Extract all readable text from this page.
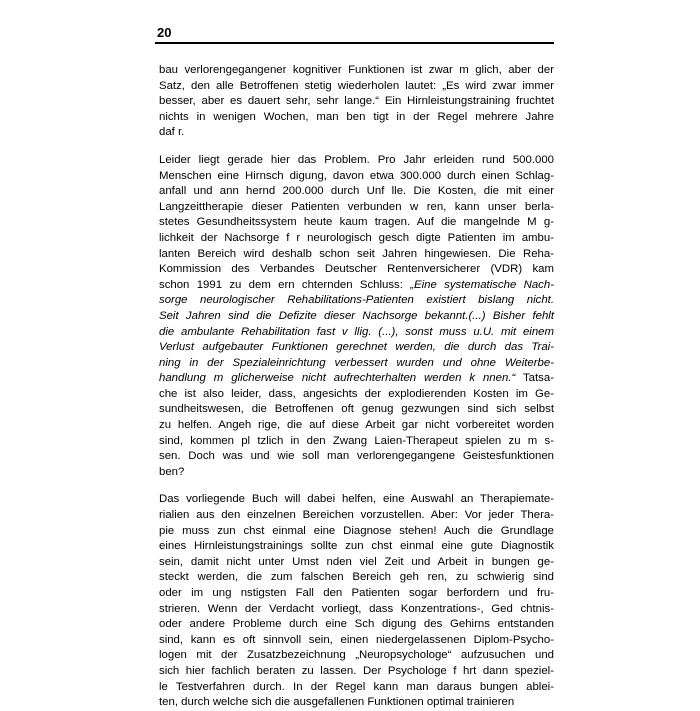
20
bau verlorengegangener kognitiver Funktionen ist zwar m glich, aber der
Satz, den alle Betroffenen stetig wiederholen lautet: „Es wird zwar immer
besser, aber es dauert sehr, sehr lange.“ Ein Hirnleistungstraining fruchtet
nichts in wenigen Wochen, man ben tigt in der Regel mehrere Jahre
daf r.
Leider liegt gerade hier das Problem. Pro Jahr erleiden rund 500.000
Menschen eine Hirnsch digung, davon etwa 300.000 durch einen Schlag-
anfall und ann hernd 200.000 durch Unf lle. Die Kosten, die mit einer
Langzeittherapie dieser Patienten verbunden w ren, kann unser berla-
stetes Gesundheitssystem heute kaum tragen. Auf die mangelnde M g-
lichkeit der Nachsorge f r neurologisch gesch digte Patienten im ambu-
lanten Bereich wird deshalb schon seit Jahren hingewiesen. Die Reha-
Kommission des Verbandes Deutscher Rentenversicherer (VDR) kam
schon 1991 zu dem ern chternden Schluss: „Eine systematische Nach-
sorge neurologischer Rehabilitations-Patienten existiert bislang nicht.
Seit Jahren sind die Defizite dieser Nachsorge bekannt.(...) Bisher fehlt
die ambulante Rehabilitation fast v llig. (...), sonst muss u.U. mit einem
Verlust aufgebauter Funktionen gerechnet werden, die durch das Trai-
ning in der Spezialeinrichtung verbessert wurden und ohne Weiterbe-
handlung m glicherweise nicht aufrechterhalten werden k nnen.“ Tatsa-
che ist also leider, dass, angesichts der explodierenden Kosten im Ge-
sundheitswesen, die Betroffenen oft genug gezwungen sind sich selbst
zu helfen. Angeh rige, die auf diese Arbeit gar nicht vorbereitet worden
sind, kommen pl tzlich in den Zwang Laien-Therapeut spielen zu m s-
sen. Doch was und wie soll man verlorengegangene Geistesfunktionen
ben?
Das vorliegende Buch will dabei helfen, eine Auswahl an Therapiemate-
rialien aus den einzelnen Bereichen vorzustellen. Aber: Vor jeder Thera-
pie muss zun chst einmal eine Diagnose stehen! Auch die Grundlage
eines Hirnleistungstrainings sollte zun chst einmal eine gute Diagnostik
sein, damit nicht unter Umst nden viel Zeit und Arbeit in bungen ge-
steckt werden, die zum falschen Bereich geh ren, zu schwierig sind
oder im ung nstigsten Fall den Patienten sogar berfordern und fru-
strieren. Wenn der Verdacht vorliegt, dass Konzentrations-, Ged chtnis-
oder andere Probleme durch eine Sch digung des Gehirns entstanden
sind, kann es oft sinnvoll sein, einen niedergelassenen Diplom-Psycho-
logen mit der Zusatzbezeichnung „Neuropsychologe“ aufzusuchen und
sich hier fachlich beraten zu lassen. Der Psychologe f hrt dann speziel-
le Testverfahren durch. In der Regel kann man daraus bungen ablei-
ten, durch welche sich die ausgefallenen Funktionen optimal trainieren
